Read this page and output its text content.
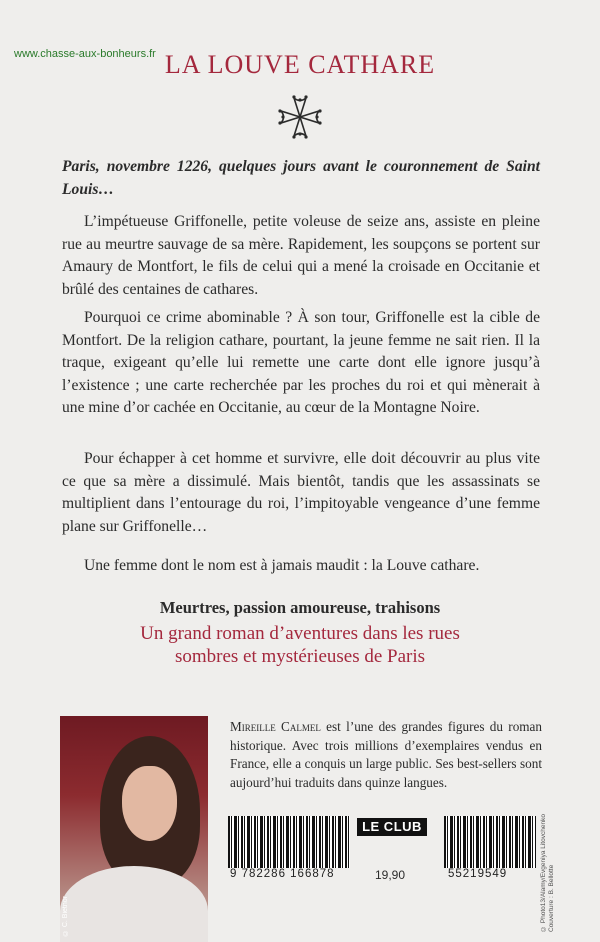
www.chasse-aux-bonheurs.fr LA LOUVE CATHARE
Paris, novembre 1226, quelques jours avant le couronnement de Saint Louis…
L’impétueuse Griffonelle, petite voleuse de seize ans, assiste en pleine rue au meurtre sauvage de sa mère. Rapidement, les soupçons se portent sur Amaury de Montfort, le fils de celui qui a mené la croisade en Occitanie et brûlé des centaines de cathares.
Pourquoi ce crime abominable ? À son tour, Griffonelle est la cible de Montfort. De la religion cathare, pourtant, la jeune femme ne sait rien. Il la traque, exigeant qu’elle lui remette une carte dont elle ignore jusqu’à l’existence ; une carte recherchée par les proches du roi et qui mènerait à une mine d’or cachée en Occitanie, au cœur de la Montagne Noire.
Pour échapper à cet homme et survivre, elle doit découvrir au plus vite ce que sa mère a dissimulé. Mais bientôt, tandis que les assassinats se multiplient dans l’entourage du roi, l’impitoyable vengeance d’une femme plane sur Griffonelle…
Une femme dont le nom est à jamais maudit : la Louve cathare.
Meurtres, passion amoureuse, trahisons
Un grand roman d’aventures dans les rues
sombres et mystérieuses de Paris
© C. Bietnor
Mireille Calmel est l’une des grandes figures du roman historique. Avec trois millions d’exemplaires vendus en France, elle a conquis un large public. Ses best-sellers sont aujourd’hui traduits dans quinze langues.
9 782286 166878
LE CLUB
19,90	55219549	© Photo13/Alamy/Evgeniya Litovchenko Couverture : B. Bellotte
